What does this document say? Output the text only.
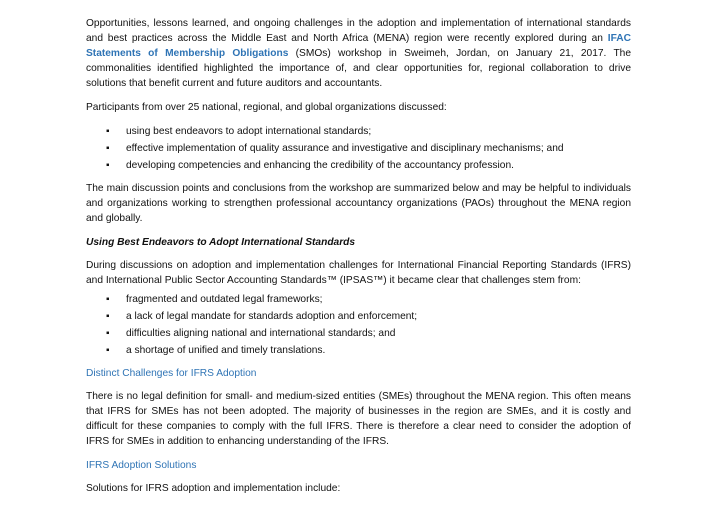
Opportunities, lessons learned, and ongoing challenges in the adoption and implementation of international standards and best practices across the Middle East and North Africa (MENA) region were recently explored during an IFAC Statements of Membership Obligations (SMOs) workshop in Sweimeh, Jordan, on January 21, 2017. The commonalities identified highlighted the importance of, and clear opportunities for, regional collaboration to drive solutions that benefit current and future auditors and accountants.

Participants from over 25 national, regional, and global organizations discussed:

▪ using best endeavors to adopt international standards;
▪ effective implementation of quality assurance and investigative and disciplinary mechanisms; and
▪ developing competencies and enhancing the credibility of the accountancy profession.

The main discussion points and conclusions from the workshop are summarized below and may be helpful to individuals and organizations working to strengthen professional accountancy organizations (PAOs) throughout the MENA region and globally.

Using Best Endeavors to Adopt International Standards

During discussions on adoption and implementation challenges for International Financial Reporting Standards (IFRS) and International Public Sector Accounting Standards™ (IPSAS™) it became clear that challenges stem from:

▪ fragmented and outdated legal frameworks;
▪ a lack of legal mandate for standards adoption and enforcement;
▪ difficulties aligning national and international standards; and
▪ a shortage of unified and timely translations.
Distinct Challenges for IFRS Adoption

There is no legal definition for small- and medium-sized entities (SMEs) throughout the MENA region. This often means that IFRS for SMEs has not been adopted. The majority of businesses in the region are SMEs, and it is costly and difficult for these companies to comply with the full IFRS. There is therefore a clear need to consider the adoption of IFRS for SMEs in addition to enhancing understanding of the IFRS.

IFRS Adoption Solutions

Solutions for IFRS adoption and implementation include:
